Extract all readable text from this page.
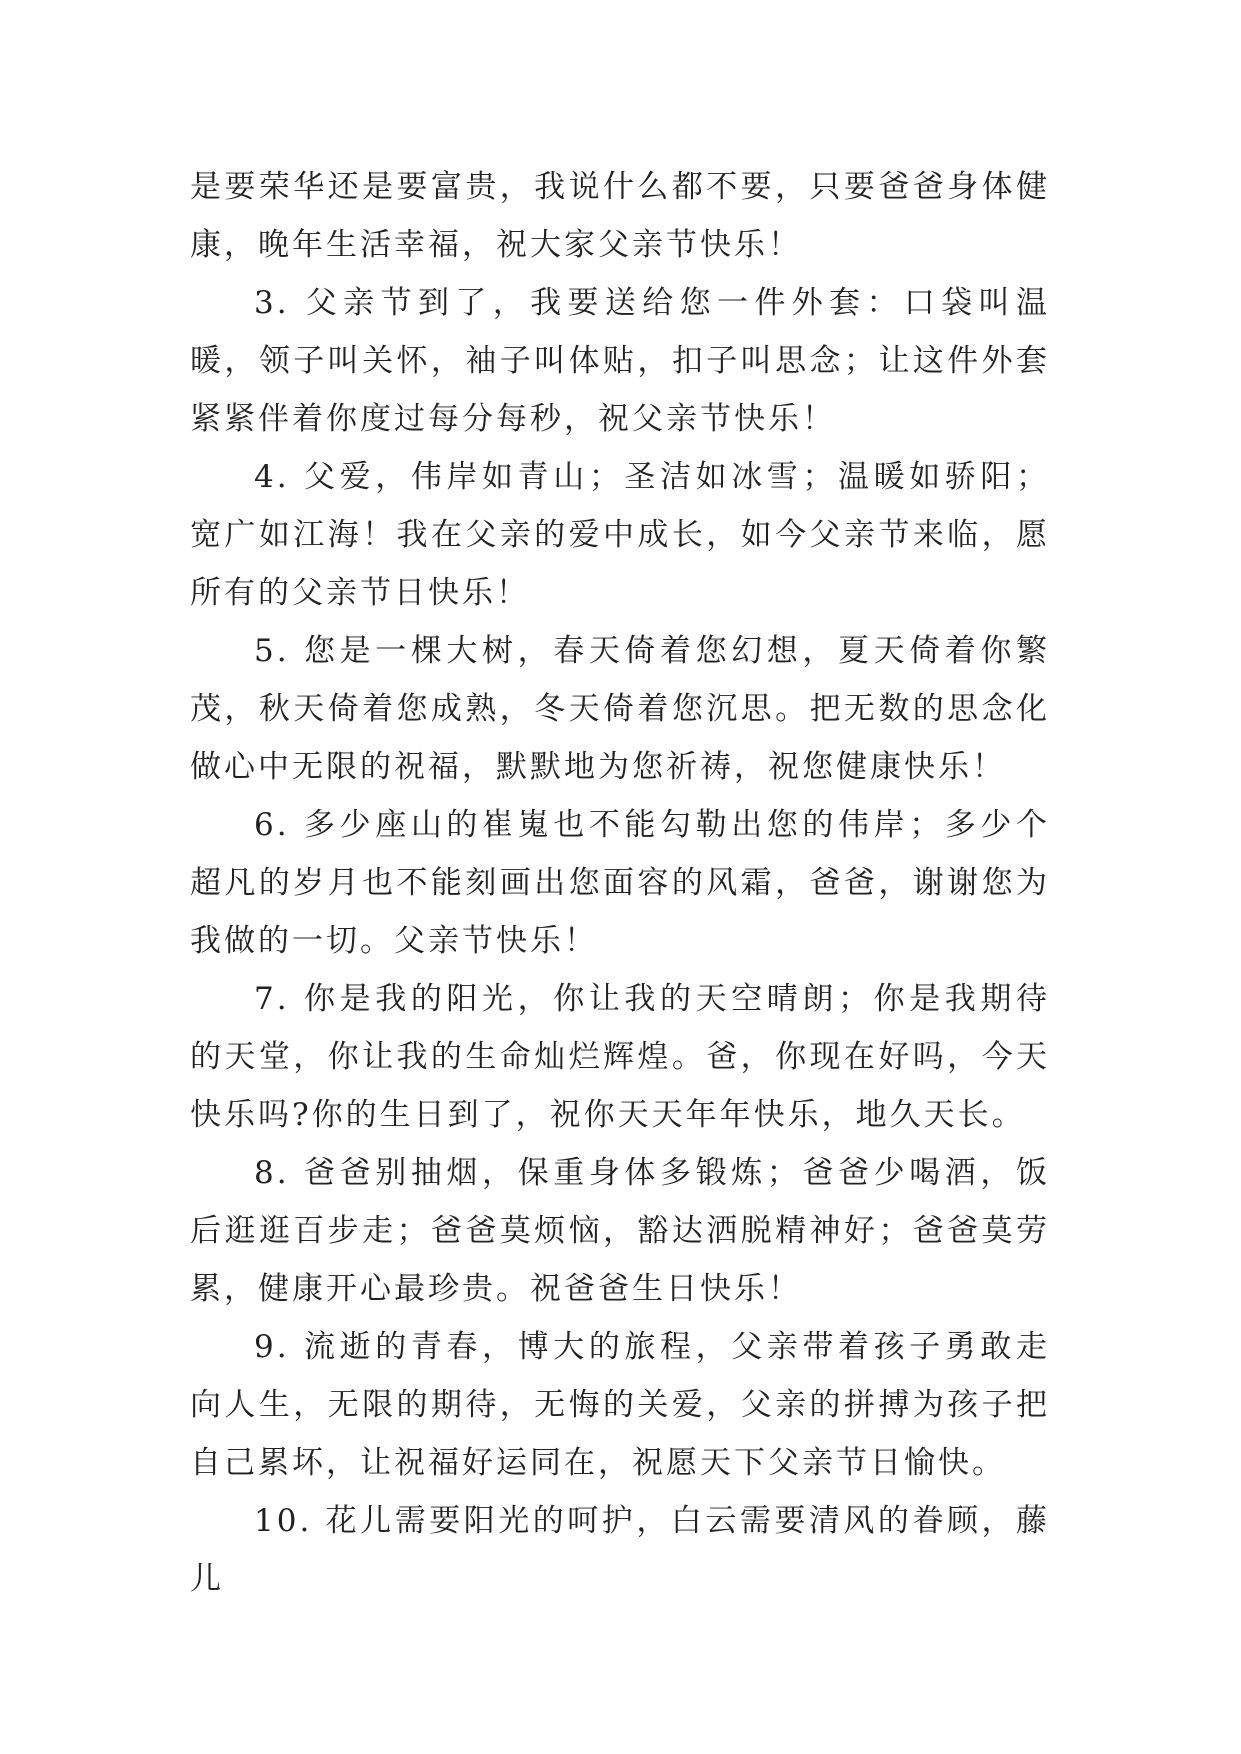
是要荣华还是要富贵，我说什么都不要，只要爸爸身体健康，晚年生活幸福，祝大家父亲节快乐！

3. 父亲节到了，我要送给您一件外套：口袋叫温暖，领子叫关怀，袖子叫体贴，扣子叫思念；让这件外套紧紧伴着你度过每分每秒，祝父亲节快乐！

4. 父爱，伟岸如青山；圣洁如冰雪；温暖如骄阳；宽广如江海！我在父亲的爱中成长，如今父亲节来临，愿所有的父亲节日快乐！

5. 您是一棵大树，春天倚着您幻想，夏天倚着你繁茂，秋天倚着您成熟，冬天倚着您沉思。把无数的思念化做心中无限的祝福，默默地为您祈祷，祝您健康快乐！

6. 多少座山的崔嵬也不能勾勒出您的伟岸；多少个超凡的岁月也不能刻画出您面容的风霜，爸爸，谢谢您为我做的一切。父亲节快乐！

7. 你是我的阳光，你让我的天空晴朗；你是我期待的天堂，你让我的生命灿烂辉煌。爸，你现在好吗，今天快乐吗?你的生日到了，祝你天天年年快乐，地久天长。

8. 爸爸别抽烟，保重身体多锻炼；爸爸少喝酒，饭后逛逛百步走；爸爸莫烦恼，豁达洒脱精神好；爸爸莫劳累，健康开心最珍贵。祝爸爸生日快乐！

9. 流逝的青春，博大的旅程，父亲带着孩子勇敢走向人生，无限的期待，无悔的关爱，父亲的拼搏为孩子把自己累坏，让祝福好运同在，祝愿天下父亲节日愉快。

10. 花儿需要阳光的呵护，白云需要清风的眷顾，藤儿
